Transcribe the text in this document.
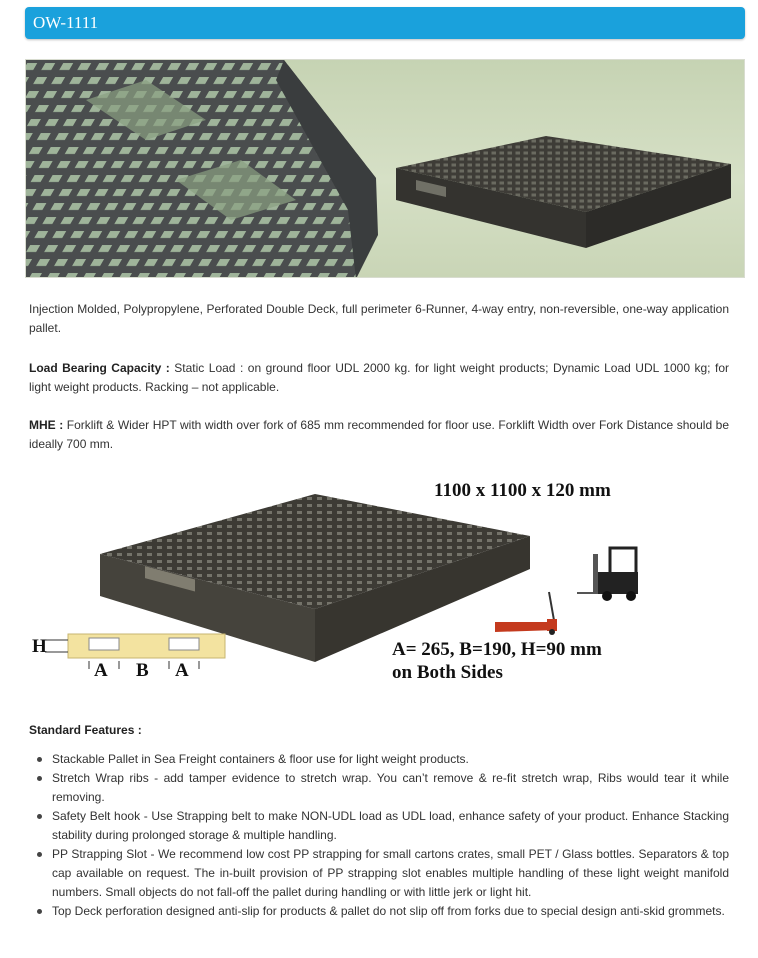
OW-1111

Injection Molded, Polypropylene, Perforated Double Deck, full perimeter 6-Runner, 4-way entry, non-reversible, one-way application pallet.

Load Bearing Capacity : Static Load : on ground floor UDL 2000 kg. for light weight products; Dynamic Load UDL 1000 kg; for light weight products. Racking – not applicable.

MHE : Forklift & Wider HPT with width over fork of 685 mm recommended for floor use. Forklift Width over Fork Distance should be ideally 700 mm.

1100 x 1100 x 120 mm
A= 265, B=190, H=90 mm
on Both Sides
H
A B A
Standard Features :
Stackable Pallet in Sea Freight containers & floor use for light weight products.
Stretch Wrap ribs - add tamper evidence to stretch wrap. You can’t remove & re-fit stretch wrap, Ribs would tear it while removing.
Safety Belt hook - Use Strapping belt to make NON-UDL load as UDL load, enhance safety of your product. Enhance Stacking stability during prolonged storage & multiple handling.
PP Strapping Slot - We recommend low cost PP strapping for small cartons crates, small PET / Glass bottles. Separators & top cap available on request. The in-built provision of PP strapping slot enables multiple handling of these light weight manifold numbers. Small objects do not fall-off the pallet during handling or with little jerk or light hit.
Top Deck perforation designed anti-slip for products & pallet do not slip off from forks due to special design anti-skid grommets.
